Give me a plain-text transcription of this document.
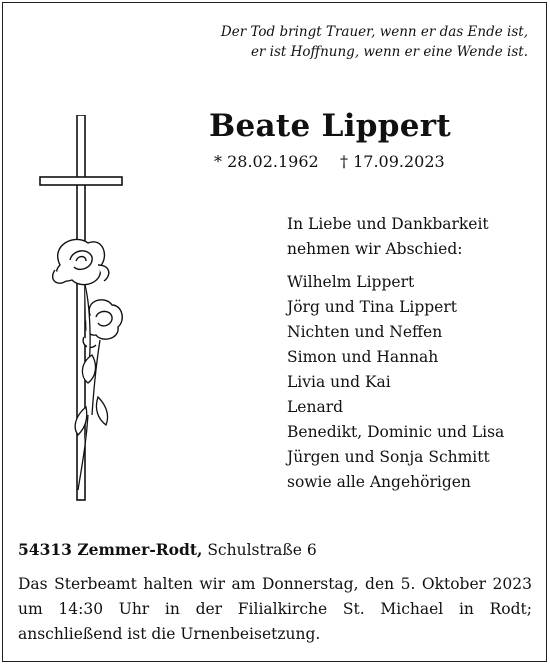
Der Tod bringt Trauer, wenn er das Ende ist,
er ist Hoffnung, wenn er eine Wende ist.
Beate Lippert
* 28.02.1962 † 17.09.2023
In Liebe und Dankbarkeit
nehmen wir Abschied:
Wilhelm Lippert
Jörg und Tina Lippert
Nichten und Neffen
Simon und Hannah
Livia und Kai
Lenard
Benedikt, Dominic und Lisa
Jürgen und Sonja Schmitt
sowie alle Angehörigen
54313 Zemmer-Rodt, Schulstraße 6
Das Sterbeamt halten wir am Donnerstag, den 5. Oktober 2023 um 14:30 Uhr in der Filialkirche St. Michael in Rodt; anschließend ist die Urnenbeisetzung.
